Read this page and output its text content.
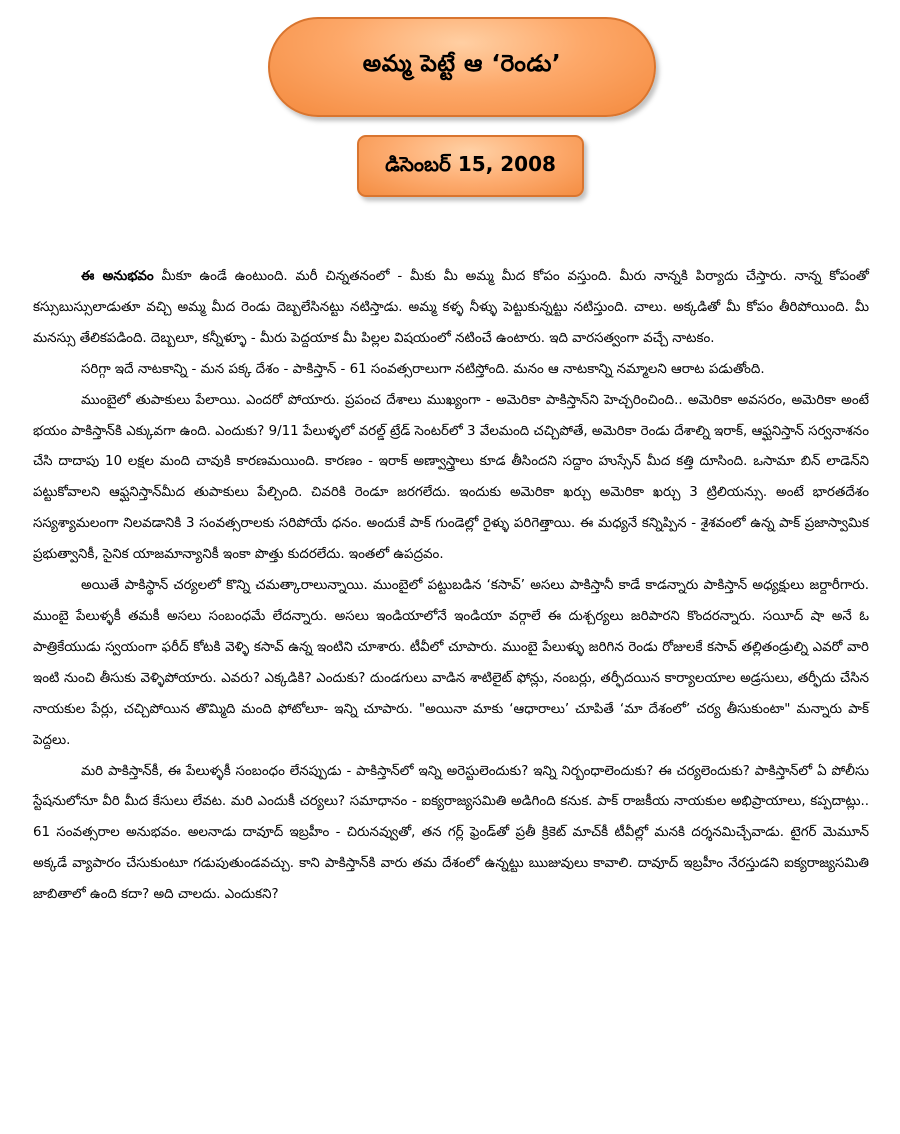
అమ్మ పెట్టే ఆ ‘రెండు’
డిసెంబర్ 15, 2008

ఈ అనుభవం మీకూ ఉండే ఉంటుంది. మరీ చిన్నతనంలో - మీకు మీ అమ్మ మీద కోపం వస్తుంది. మీరు నాన్నకి పిర్యాదు చేస్తారు. నాన్న కోపంతో కస్సుబుస్సులాడుతూ వచ్చి అమ్మ మీద రెండు దెబ్బలేసినట్టు నటిస్తాడు. అమ్మ కళ్ళ నీళ్ళు పెట్టుకున్నట్టు నటిస్తుంది. చాలు. అక్కడితో మీ కోపం తీరిపోయింది. మీ మనస్సు తేలికపడింది. దెబ్బలూ, కన్నీళ్ళూ - మీరు పెద్దయాక మీ పిల్లల విషయంలో నటించే ఉంటారు. ఇది వారసత్వంగా వచ్చే నాటకం.

సరిగ్గా ఇదే నాటకాన్ని - మన పక్క దేశం - పాకిస్తాన్ - 61 సంవత్సరాలుగా నటిస్తోంది. మనం ఆ నాటకాన్ని నమ్మాలని ఆరాట పడుతోంది.

ముంబైలో తుపాకులు పేలాయి. ఎందరో పోయారు. ప్రపంచ దేశాలు ముఖ్యంగా - అమెరికా పాకిస్తాన్‌ని హెచ్చరించింది.. అమెరికా అవసరం, అమెరికా అంటే భయం పాకిస్తాన్‌కి ఎక్కువగా ఉంది. ఎందుకు? 9/11 పేలుళ్ళలో వరల్డ్ ట్రేడ్ సెంటర్‌లో 3 వేలమంది చచ్చిపోతే, అమెరికా రెండు దేశాల్ని ఇరాక్, ఆఫ్ఘనిస్తాన్ సర్వనాశనం చేసి దాదాపు 10 లక్షల మంది చావుకి కారణమయింది. కారణం - ఇరాక్ అణ్వాస్త్రాలు కూడ తీసిందని సద్దాం హుస్సేన్ మీద కత్తి దూసింది. ఒసామా బిన్ లాడెన్‌ని పట్టుకోవాలని ఆఫ్ఘనిస్తాన్‌మీద తుపాకులు పేల్చింది. చివరికి రెండూ జరగలేదు. ఇందుకు అమెరికా ఖర్చు అమెరికా ఖర్చు 3 ట్రిలియన్సు. అంటే భారతదేశం సస్యశ్యామలంగా నిలవడానికి 3 సంవత్సరాలకు సరిపోయే ధనం. అందుకే పాక్ గుండెల్లో రైళ్ళు పరిగెత్తాయి. ఈ మధ్యనే కన్నిప్పిన - శైశవంలో ఉన్న పాక్ ప్రజాస్వామిక ప్రభుత్వానికీ, సైనిక యాజమాన్యానికీ ఇంకా పొత్తు కుదరలేదు. ఇంతలో ఉపద్రవం.

అయితే పాకిస్థాన్ చర్యలలో కొన్ని చమత్కారాలున్నాయి. ముంబైలో పట్టుబడిన ‘కసావ్’ అసలు పాకిస్తానీ కాడే కాడన్నారు పాకిస్తాన్ అధ్యక్షులు జర్దారీగారు. ముంబై పేలుళ్ళకీ తమకీ అసలు సంబంధమే లేదన్నారు. అసలు ఇండియాలోనే ఇండియా వర్గాలే ఈ దుశ్చర్యలు జరిపారని కొందరన్నారు. సయీద్ షా అనే ఓ పాత్రికేయుడు స్వయంగా ఫరీద్ కోటకి వెళ్ళి కసావ్ ఉన్న ఇంటిని చూశారు. టీవీలో చూపారు. ముంబై పేలుళ్ళు జరిగిన రెండు రోజులకే కసావ్ తల్లితండ్రుల్ని ఎవరో వారి ఇంటి నుంచి తీసుకు వెళ్ళిపోయారు. ఎవరు? ఎక్కడికి? ఎందుకు? దుండగులు వాడిన శాటిలైట్ ఫోన్లు, నంబర్లు, తర్ఫీదయిన కార్యాలయాల అడ్రసులు, తర్ఫీదు చేసిన నాయకుల పేర్లు, చచ్చిపోయిన తొమ్మిది మంది ఫోటోలూ- ఇన్ని చూపారు. "అయినా మాకు ‘ఆధారాలు’ చూపితే ‘మా దేశంలో’ చర్య తీసుకుంటా" మన్నారు పాక్ పెద్దలు.

మరి పాకిస్తాన్‌కీ, ఈ పేలుళ్ళకీ సంబంధం లేనప్పుడు - పాకిస్తాన్‌లో ఇన్ని అరెస్టులెందుకు? ఇన్ని నిర్బంధాలెందుకు? ఈ చర్యలెందుకు? పాకిస్తాన్‌లో ఏ పోలీసు స్టేషనులోనూ వీరి మీద కేసులు లేవట. మరి ఎందుకీ చర్యలు? సమాధానం - ఐక్యరాజ్యసమితి అడిగింది కనుక. పాక్ రాజకీయ నాయకుల అభిప్రాయాలు, కప్పదాట్లు.. 61 సంవత్సరాల అనుభవం. అలనాడు దావూద్ ఇబ్రహీం - చిరునవ్వుతో, తన గర్ల్ ఫ్రెండ్‌తో ప్రతీ క్రికెట్ మాచ్‌కీ టీవీల్లో మనకి దర్శనమిచ్చేవాడు. టైగర్ మెమూన్ అక్కడే వ్యాపారం చేసుకుంటూ గడుపుతుండవచ్చు. కాని పాకిస్తాన్‌కి వారు తమ దేశంలో ఉన్నట్టు ఋజువులు కావాలి. దావూద్ ఇబ్రహీం నేరస్తుడని ఐక్యరాజ్యసమితి జాబితాలో ఉంది కదా? అది చాలదు. ఎందుకని?
